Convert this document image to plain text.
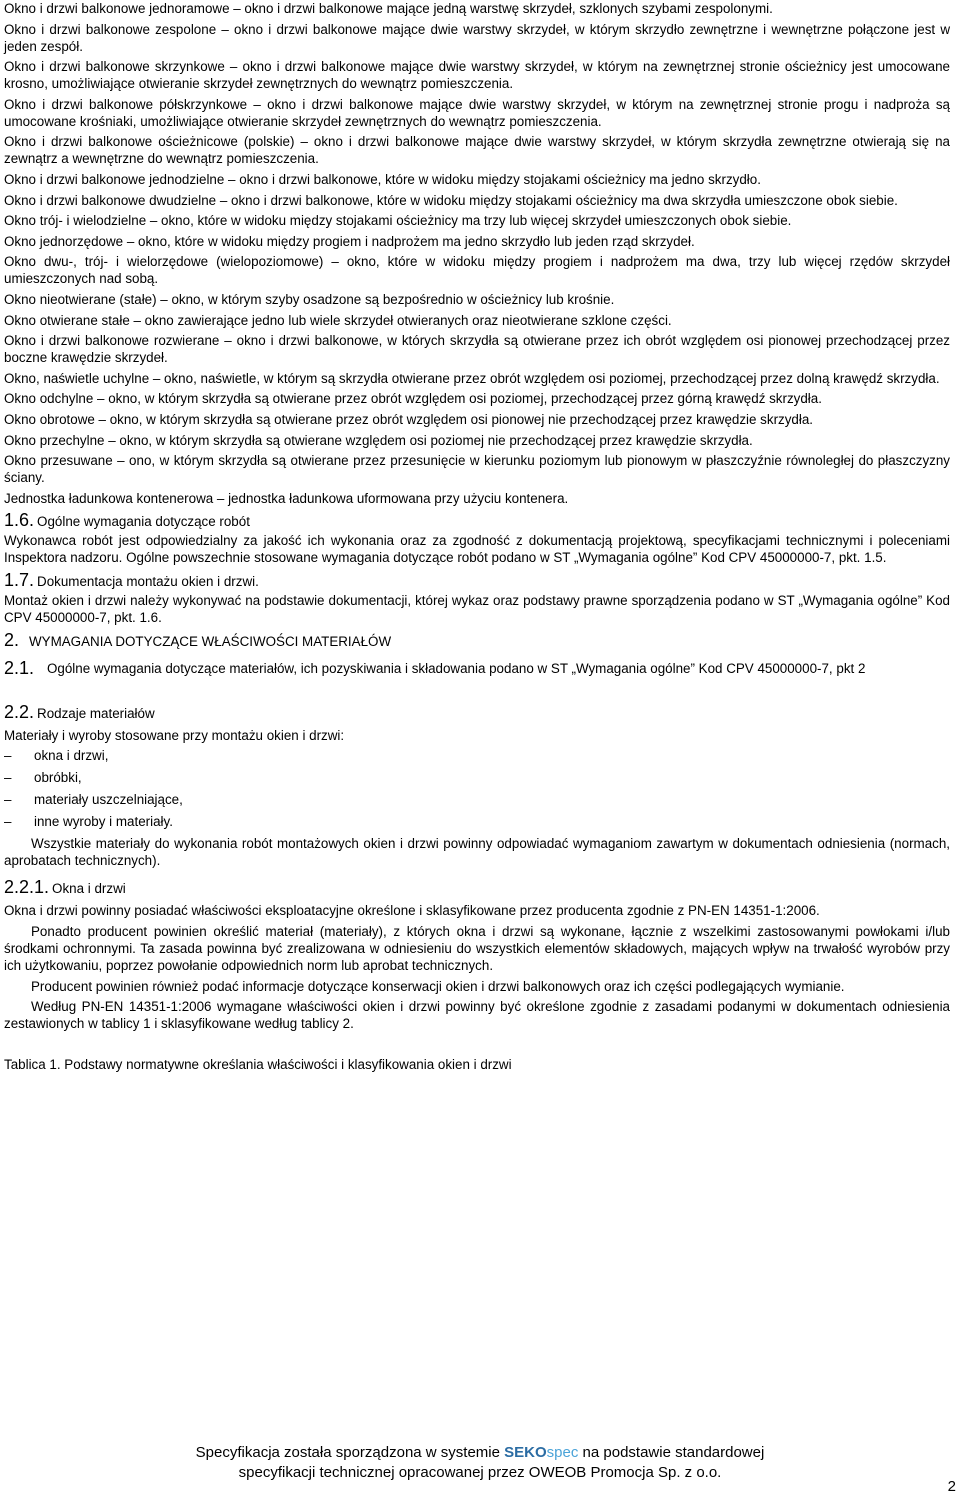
Okno i drzwi balkonowe jednoramowe – okno i drzwi balkonowe mające jedną warstwę skrzydeł, szklonych szybami zespolonymi.

Okno i drzwi balkonowe zespolone – okno i drzwi balkonowe mające dwie warstwy skrzydeł, w którym skrzydło zewnętrzne i wewnętrzne połączone jest w jeden zespół.

Okno i drzwi balkonowe skrzynkowe – okno i drzwi balkonowe mające dwie warstwy skrzydeł, w którym na zewnętrznej stronie ościeżnicy jest umocowane krosno, umożliwiające otwieranie skrzydeł zewnętrznych do wewnątrz pomieszczenia.

Okno i drzwi balkonowe półskrzynkowe – okno i drzwi balkonowe mające dwie warstwy skrzydeł, w którym na zewnętrznej stronie progu i nadproża są umocowane krośniaki, umożliwiające otwieranie skrzydeł zewnętrznych do wewnątrz pomieszczenia.

Okno i drzwi balkonowe ościeżnicowe (polskie) – okno i drzwi balkonowe mające dwie warstwy skrzydeł, w którym skrzydła zewnętrzne otwierają się na zewnątrz a wewnętrzne do wewnątrz pomieszczenia.

Okno i drzwi balkonowe jednodzielne – okno i drzwi balkonowe, które w widoku między stojakami ościeżnicy ma jedno skrzydło.

Okno i drzwi balkonowe dwudzielne – okno i drzwi balkonowe, które w widoku między stojakami ościeżnicy ma dwa skrzydła umieszczone obok siebie.

Okno trój- i wielodzielne – okno, które w widoku między stojakami ościeżnicy ma trzy lub więcej skrzydeł umieszczonych obok siebie.

Okno jednorzędowe – okno, które w widoku między progiem i nadprożem ma jedno skrzydło lub jeden rząd skrzydeł.

Okno dwu-, trój- i wielorzędowe (wielopoziomowe) – okno, które w widoku między progiem i nadprożem ma dwa, trzy lub więcej rzędów skrzydeł umieszczonych nad sobą.

Okno nieotwierane (stałe) – okno, w którym szyby osadzone są bezpośrednio w ościeżnicy lub krośnie.

Okno otwierane stałe – okno zawierające jedno lub wiele skrzydeł otwieranych oraz nieotwierane szklone części.

Okno i drzwi balkonowe rozwierane – okno i drzwi balkonowe, w których skrzydła są otwierane przez ich obrót względem osi pionowej przechodzącej przez boczne krawędzie skrzydeł.

Okno, naświetle uchylne – okno, naświetle, w którym są skrzydła otwierane przez obrót względem osi poziomej, przechodzącej przez dolną krawędź skrzydła.

Okno odchylne – okno, w którym skrzydła są otwierane przez obrót względem osi poziomej, przechodzącej przez górną krawędź skrzydła.

Okno obrotowe – okno, w którym skrzydła są otwierane przez obrót względem osi pionowej nie przechodzącej przez krawędzie skrzydła.

Okno przechylne – okno, w którym skrzydła są otwierane względem osi poziomej nie przechodzącej przez krawędzie skrzydła.

Okno przesuwane – ono, w którym skrzydła są otwierane przez przesunięcie w kierunku poziomym lub pionowym w płaszczyźnie równoległej do płaszczyzny ściany.

Jednostka ładunkowa kontenerowa – jednostka ładunkowa uformowana przy użyciu kontenera.

1.6. Ogólne wymagania dotyczące robót

Wykonawca robót jest odpowiedzialny za jakość ich wykonania oraz za zgodność z dokumentacją projektową, specyfikacjami technicznymi i poleceniami Inspektora nadzoru. Ogólne powszechnie stosowane wymagania dotyczące robót podano w ST „Wymagania ogólne” Kod CPV 45000000-7, pkt. 1.5.

1.7. Dokumentacja montażu okien i drzwi.

Montaż okien i drzwi należy wykonywać na podstawie dokumentacji, której wykaz oraz podstawy prawne sporządzenia podano w ST „Wymagania ogólne” Kod CPV 45000000-7, pkt. 1.6.

2. WYMAGANIA DOTYCZĄCE WŁAŚCIWOŚCI MATERIAŁÓW
2.1. Ogólne wymagania dotyczące materiałów, ich pozyskiwania i składowania podano w ST „Wymagania ogólne” Kod CPV 45000000-7, pkt 2
2.2. Rodzaje materiałów

Materiały i wyroby stosowane przy montażu okien i drzwi:

– okna i drzwi,
– obróbki,
– materiały uszczelniające,
– inne wyroby i materiały.

Wszystkie materiały do wykonania robót montażowych okien i drzwi powinny odpowiadać wymaganiom zawartym w dokumentach odniesienia (normach, aprobatach technicznych).

2.2.1. Okna i drzwi

Okna i drzwi powinny posiadać właściwości eksploatacyjne określone i sklasyfikowane przez producenta zgodnie z PN-EN 14351-1:2006.

Ponadto producent powinien określić materiał (materiały), z których okna i drzwi są wykonane, łącznie z wszelkimi zastosowanymi powłokami i/lub środkami ochronnymi. Ta zasada powinna być zrealizowana w odniesieniu do wszystkich elementów składowych, mających wpływ na trwałość wyrobów przy ich użytkowaniu, poprzez powołanie odpowiednich norm lub aprobat technicznych.

Producent powinien również podać informacje dotyczące konserwacji okien i drzwi balkonowych oraz ich części podlegających wymianie.

Według PN-EN 14351-1:2006 wymagane właściwości okien i drzwi powinny być określone zgodnie z zasadami podanymi w dokumentach odniesienia zestawionych w tablicy 1 i sklasyfikowane według tablicy 2.

Tablica 1. Podstawy normatywne określania właściwości i klasyfikowania okien i drzwi

Specyfikacja została sporządzona w systemie SEKOspec na podstawie standardowej
specyfikacji technicznej opracowanej przez OWEOB Promocja Sp. z o.o.
2
